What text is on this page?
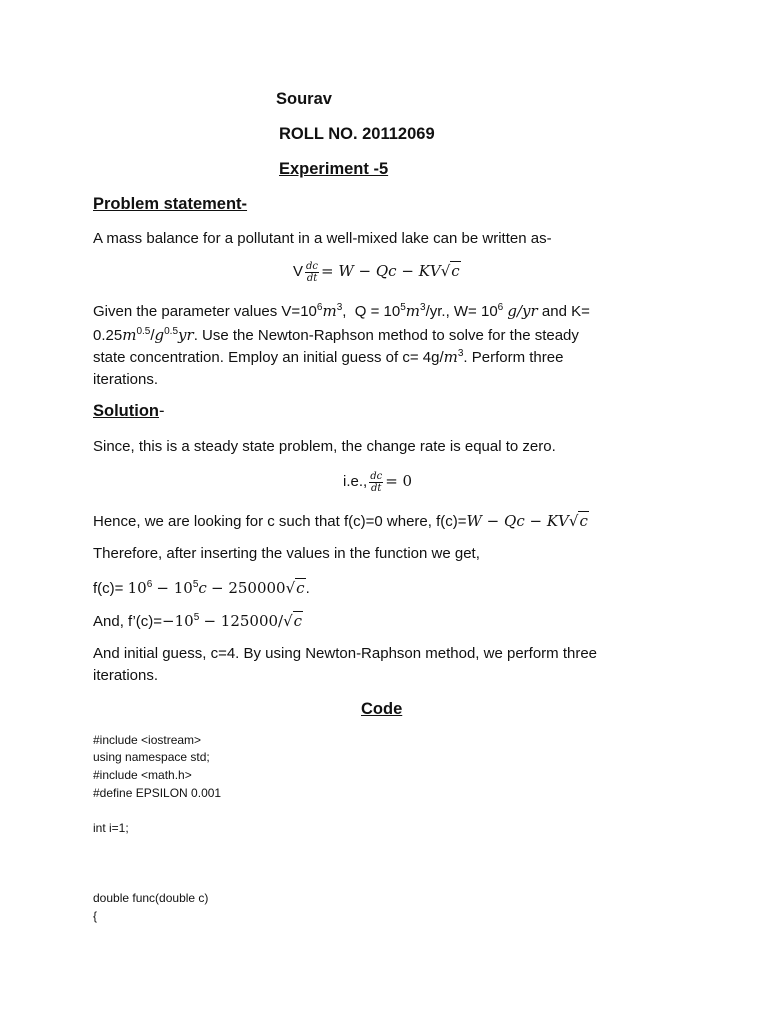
Sourav
ROLL NO. 20112069
Experiment -5
Problem statement-
A mass balance for a pollutant in a well-mixed lake can be written as-
V $\frac{dc}{dt} = W - Qc - KV√c$
Given the parameter values $V=10^6m^3$,  $Q = 10^5m^3/yr$., $W= 10^6$ g/yr and K=
$0.25m^{0.5}/g^{0.5}yr$. Use the Newton-Raphson method to solve for the steady
state concentration. Employ an initial guess of $c= 4g/m^3$. Perform three
iterations.
Solution-
Since, this is a steady state problem, the change rate is equal to zero.
i.e., $\frac{dc}{dt} = 0$
Hence, we are looking for c such that f(c)=0 where, f(c)=W − Qc − KV√c
Therefore, after inserting the values in the function we get,
$f(c)= 10^6 - 10^5c - 250000√c$.
And, $f’(c)=-10^5 - 125000/√c$
And initial guess, c=4. By using Newton-Raphson method, we perform three
iterations.
Code
#include <iostream>
using namespace std;
#include <math.h>
#define EPSILON 0.001
int i=1;
double func(double c)
{
